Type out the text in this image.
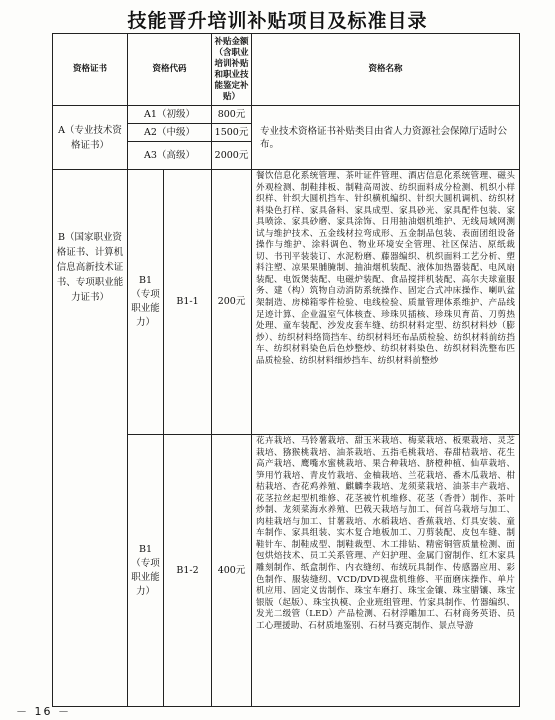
技能晋升培训补贴项目及标准目录
资格证书	资格代码		补贴金额（含职业培训补贴和职业技能鉴定补贴）	资格名称
A（专业技术资格证书）	A1（初级）		800元	专业技术资格证书补贴类目由省人力资源社会保障厅适时公布。
	A2（中级）		1500元	
	A3（高级）		2000元	
B（国家职业资格证书、计算机信息高新技术证书、专项职业能力证书）	B1（专项职业能力）	B1-1	200元	餐饮信息化系统管理、茶叶证件管理、酒店信息化系统管理、磁头外观检测、制鞋排板、制鞋高周波、纺织面料成分检测、机织小样织样、针织大圆机挡车、针织横机编织、针织大圆机调机、纺织材料染色打样、家具备料、家具成型、家具砂光、家具配件包装、家具喷涂、家具砂磨、家具涂饰、日用抽油烟机维护、无线局域网测试与维护技术、五金线材拉弯成形、五金制品包装、表面团组设备操作与维护、涂料调色、物业环境安全管理、社区保洁、原纸裁切、书刊平装装订、水泥粉磨、藤器编织、机织面料工艺分析、塑料注塑、凉果果脯腌制、抽油烟机装配、液体加热器装配、电风扇装配、电饭煲装配、电磁炉装配、食品搅拌机装配、高尔夫球童服务、建（构）筑物自动消防系统操作、固定合式冲床操作、喇叭盆架制造、房梯箱零件检验、电线检验、质量管理体系维护、产品线足迹计算、企业温室气体核查、珍珠贝插核、珍珠贝育苗、刀剪热处理、童车装配、沙发皮套车缝、纺织材料定型、纺织材料炒（膨炒）、纺织材料络筒挡车、纺织材料坯布品质检验、纺织材料前纺挡车、纺织材料染色后色炒整炒、纺织材料染色、纺织材料洗整布匹品质检验、纺织材料细炒挡车、纺织材料前整炒
	B1（专项职业能力）	B1-2	400元	花卉栽培、马铃薯栽培、甜玉米栽培、梅菜栽培、板栗栽培、灵芝栽培、猕猴桃栽培、油茶栽培、五指毛桃栽培、春甜桔栽培、花生高产栽培、鹰嘴水蜜桃栽培、果合种栽培、脐橙种植、仙草栽培、笋用竹栽培、青皮竹栽培、金柚栽培、兰花栽培、番木瓜栽培、柑桔栽培、杏花鸡养殖、麒麟李栽培、龙须菜栽培、油茶丰产栽培、花茎拉丝起型机维修、花茎被竹机维修、花茎（香骨）制作、茶叶炒制、龙须菜海水养殖、巴戟天栽培与加工、何首乌栽培与加工、肉桂栽培与加工、甘薯栽培、水稻栽培、香蕉栽培、灯具安装、童车制作、家具组装、实木复合地板加工、刀剪装配、皮包车缝、制鞋针车、制鞋成型、制鞋裁型、木工排钻、精密铜管质量检测、面包烘焙技术、员工关系管理、产妇护理、金属门窗制作、红木家具雕刻制作、纸盒制作、内衣缝纫、布绒玩具制作、传感器应用、彩色制作、服装缝纫、VCD/DVD视盘机维修、平面磨床操作、单片机应用、固定义齿制作、珠宝车磨打、珠宝金镶、珠宝腊镶、珠宝银版（起版）、珠宝执模、企业班组管理、竹家具制作、竹器编织、发光二级管（LED）产品检测、石材浮雕加工、石材商务英语、员工心理援助、石材质地鉴别、石材马赛克制作、景点导游
－ 16 －
